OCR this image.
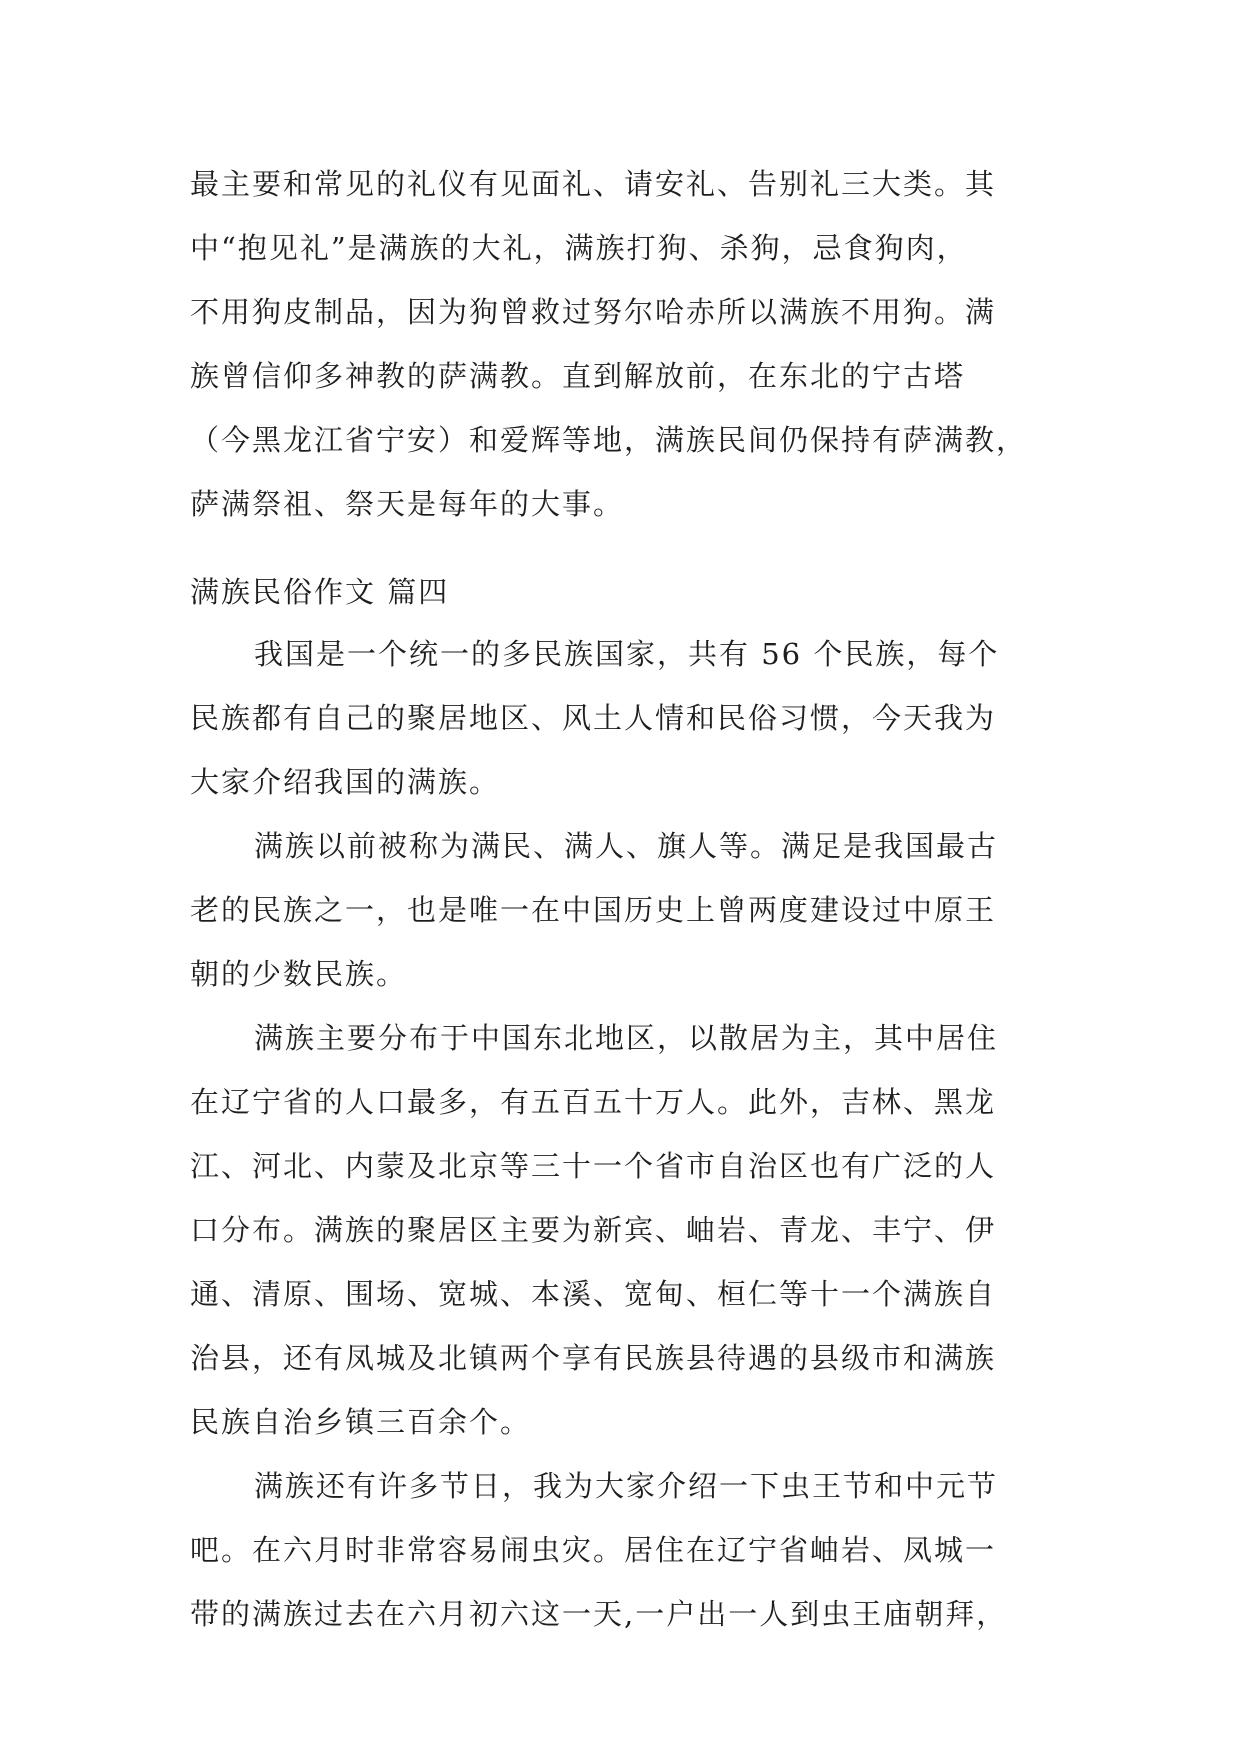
最主要和常见的礼仪有见面礼、请安礼、告别礼三大类。其
中“抱见礼”是满族的大礼，满族打狗、杀狗，忌食狗肉，
不用狗皮制品，因为狗曾救过努尔哈赤所以满族不用狗。满
族曾信仰多神教的萨满教。直到解放前，在东北的宁古塔
（今黑龙江省宁安）和爱辉等地，满族民间仍保持有萨满教，
萨满祭祖、祭天是每年的大事。
满族民俗作文 篇四
我国是一个统一的多民族国家，共有 56 个民族，每个
民族都有自己的聚居地区、风土人情和民俗习惯，今天我为
大家介绍我国的满族。
满族以前被称为满民、满人、旗人等。满足是我国最古
老的民族之一，也是唯一在中国历史上曾两度建设过中原王
朝的少数民族。
满族主要分布于中国东北地区，以散居为主，其中居住
在辽宁省的人口最多，有五百五十万人。此外，吉林、黑龙
江、河北、内蒙及北京等三十一个省市自治区也有广泛的人
口分布。满族的聚居区主要为新宾、岫岩、青龙、丰宁、伊
通、清原、围场、宽城、本溪、宽甸、桓仁等十一个满族自
治县，还有凤城及北镇两个享有民族县待遇的县级市和满族
民族自治乡镇三百余个。
满族还有许多节日，我为大家介绍一下虫王节和中元节
吧。在六月时非常容易闹虫灾。居住在辽宁省岫岩、凤城一
带的满族过去在六月初六这一天,一户出一人到虫王庙朝拜，
